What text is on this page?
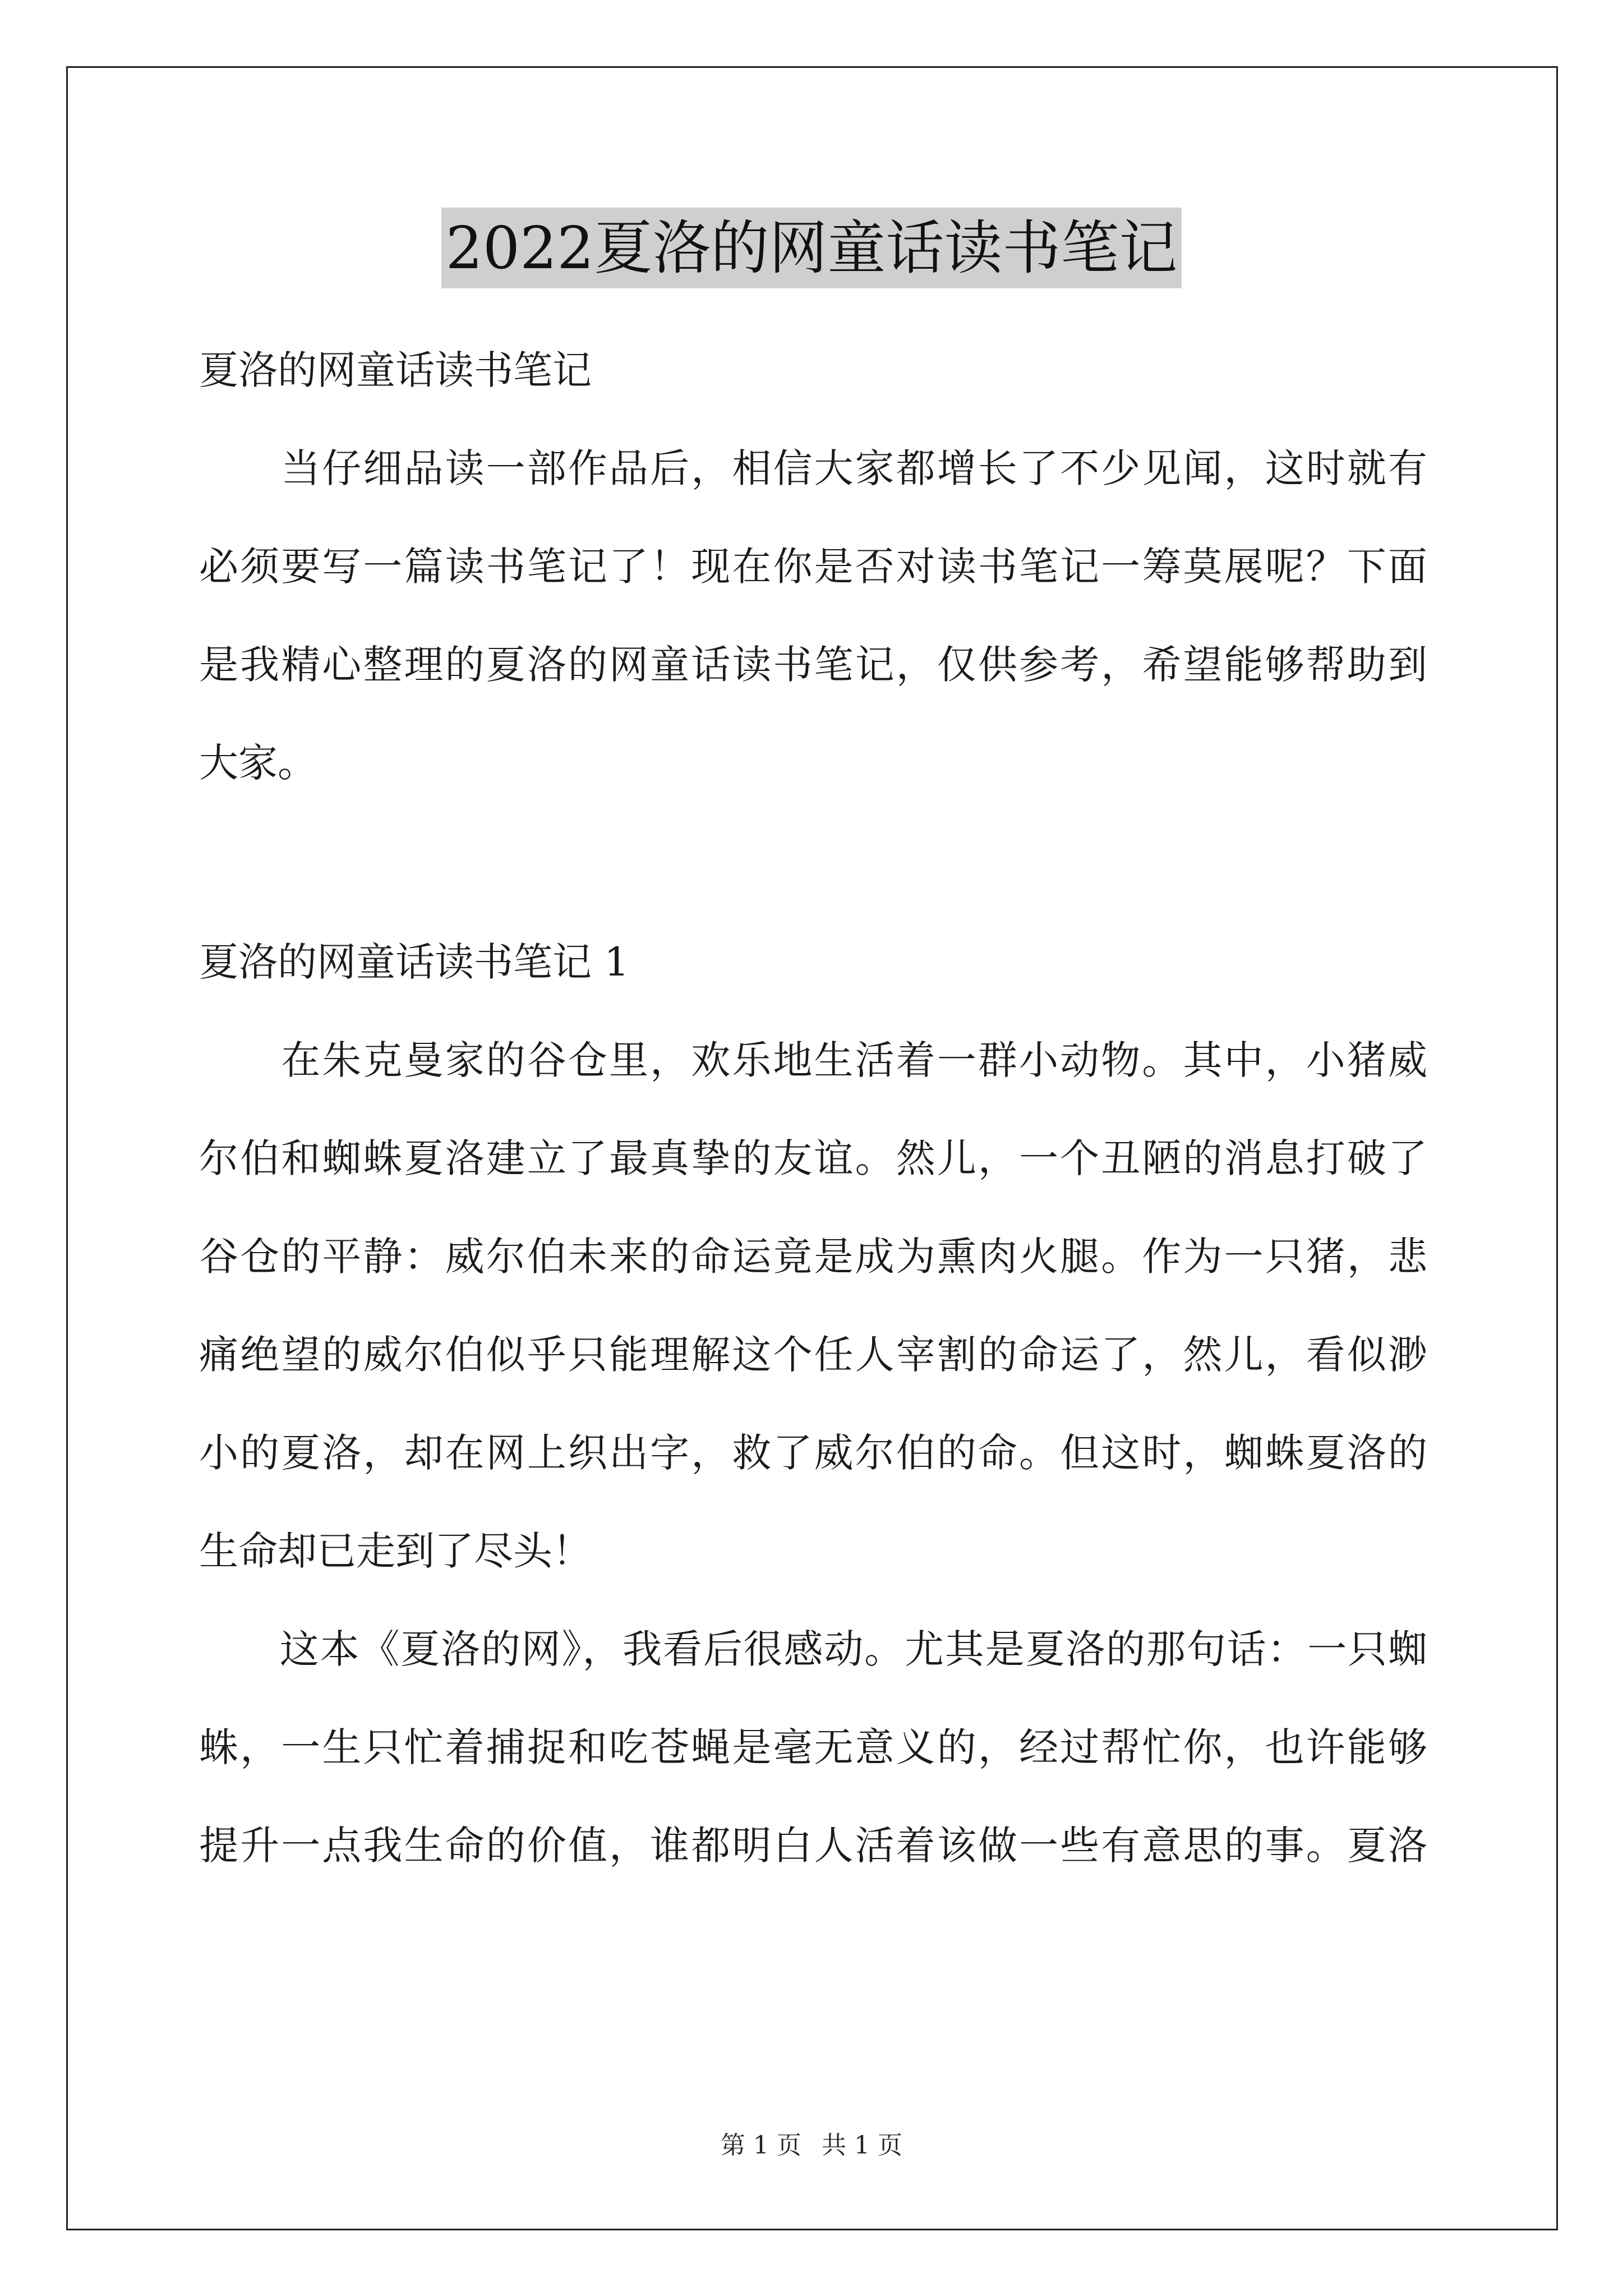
2022夏洛的网童话读书笔记
夏洛的网童话读书笔记
　　当仔细品读一部作品后，相信大家都增长了不少见闻，这时就有
必须要写一篇读书笔记了！现在你是否对读书笔记一筹莫展呢？下面
是我精心整理的夏洛的网童话读书笔记，仅供参考，希望能够帮助到
大家。
夏洛的网童话读书笔记 1
　　在朱克曼家的谷仓里，欢乐地生活着一群小动物。其中，小猪威
尔伯和蜘蛛夏洛建立了最真挚的友谊。然儿，一个丑陋的消息打破了
谷仓的平静：威尔伯未来的命运竟是成为熏肉火腿。作为一只猪，悲
痛绝望的威尔伯似乎只能理解这个任人宰割的命运了，然儿，看似渺
小的夏洛，却在网上织出字，救了威尔伯的命。但这时，蜘蛛夏洛的
生命却已走到了尽头！
　　这本《夏洛的网》，我看后很感动。尤其是夏洛的那句话：一只蜘
蛛，一生只忙着捕捉和吃苍蝇是毫无意义的，经过帮忙你，也许能够
提升一点我生命的价值，谁都明白人活着该做一些有意思的事。夏洛
第 1 页 共 1 页
